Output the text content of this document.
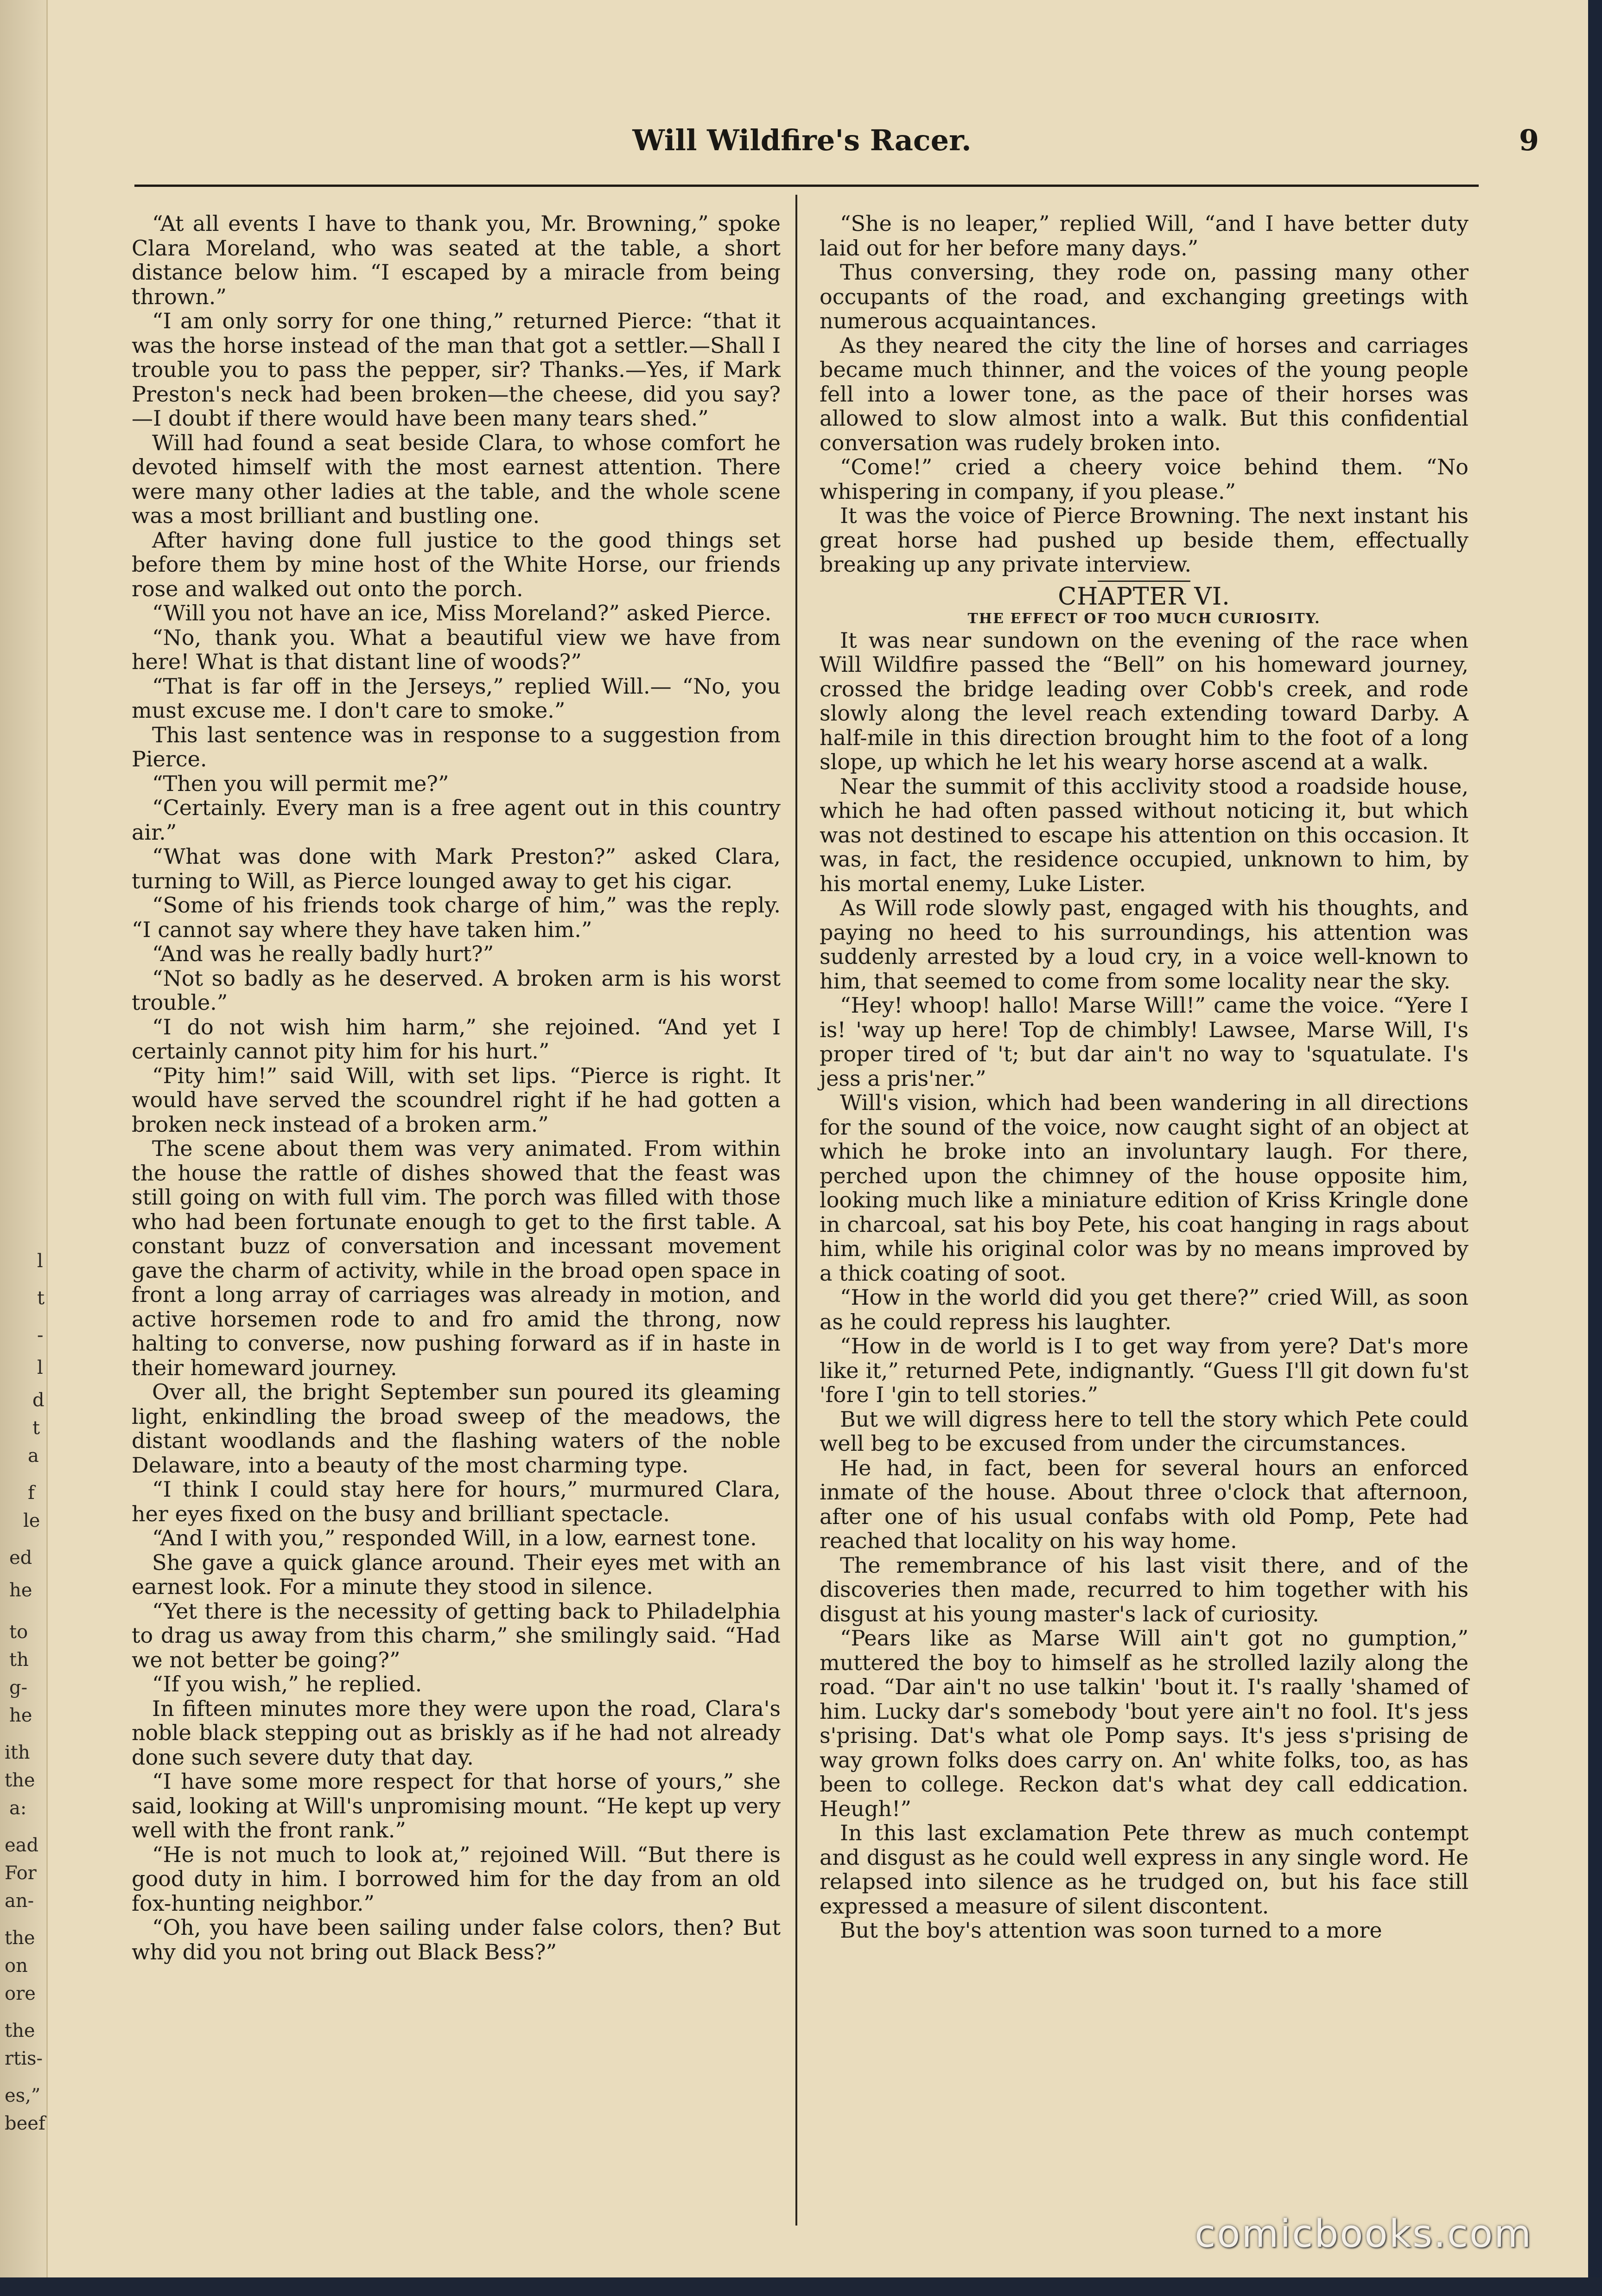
l
t
-
l
d
t
a
f
le
ed
he
to
th
g-
he
ith
the
a:
ead
For
an-
the
on
ore
the
rtis-
es,”
beef
Will Wildfire's Racer.	9

“At all events I have to thank you, Mr. Browning,” spoke Clara Moreland, who was seated at the table, a short distance below him. “I escaped by a miracle from being thrown.”

“I am only sorry for one thing,” returned Pierce: “that it was the horse instead of the man that got a settler.—Shall I trouble you to pass the pepper, sir? Thanks.—Yes, if Mark Preston's neck had been broken—the cheese, did you say?—I doubt if there would have been many tears shed.”

Will had found a seat beside Clara, to whose comfort he devoted himself with the most earnest attention. There were many other ladies at the table, and the whole scene was a most brilliant and bustling one.

After having done full justice to the good things set before them by mine host of the White Horse, our friends rose and walked out onto the porch.

“Will you not have an ice, Miss Moreland?” asked Pierce.

“No, thank you. What a beautiful view we have from here! What is that distant line of woods?”

“That is far off in the Jerseys,” replied Will.— “No, you must excuse me. I don't care to smoke.”

This last sentence was in response to a suggestion from Pierce.

“Then you will permit me?”

“Certainly. Every man is a free agent out in this country air.”

“What was done with Mark Preston?” asked Clara, turning to Will, as Pierce lounged away to get his cigar.

“Some of his friends took charge of him,” was the reply. “I cannot say where they have taken him.”

“And was he really badly hurt?”

“Not so badly as he deserved. A broken arm is his worst trouble.”

“I do not wish him harm,” she rejoined. “And yet I certainly cannot pity him for his hurt.”

“Pity him!” said Will, with set lips. “Pierce is right. It would have served the scoundrel right if he had gotten a broken neck instead of a broken arm.”

The scene about them was very animated. From within the house the rattle of dishes showed that the feast was still going on with full vim. The porch was filled with those who had been fortunate enough to get to the first table. A constant buzz of conversation and incessant movement gave the charm of activity, while in the broad open space in front a long array of carriages was already in motion, and active horsemen rode to and fro amid the throng, now halting to converse, now pushing forward as if in haste in their homeward journey.

Over all, the bright September sun poured its gleaming light, enkindling the broad sweep of the meadows, the distant woodlands and the flashing waters of the noble Delaware, into a beauty of the most charming type.

“I think I could stay here for hours,” murmured Clara, her eyes fixed on the busy and brilliant spectacle.

“And I with you,” responded Will, in a low, earnest tone.

She gave a quick glance around. Their eyes met with an earnest look. For a minute they stood in silence.

“Yet there is the necessity of getting back to Philadelphia to drag us away from this charm,” she smilingly said. “Had we not better be going?”

“If you wish,” he replied.

In fifteen minutes more they were upon the road, Clara's noble black stepping out as briskly as if he had not already done such severe duty that day.

“I have some more respect for that horse of yours,” she said, looking at Will's unpromising mount. “He kept up very well with the front rank.”

“He is not much to look at,” rejoined Will. “But there is good duty in him. I borrowed him for the day from an old fox-hunting neighbor.”

“Oh, you have been sailing under false colors, then? But why did you not bring out Black Bess?”

“She is no leaper,” replied Will, “and I have better duty laid out for her before many days.”

Thus conversing, they rode on, passing many other occupants of the road, and exchanging greetings with numerous acquaintances.

As they neared the city the line of horses and carriages became much thinner, and the voices of the young people fell into a lower tone, as the pace of their horses was allowed to slow almost into a walk. But this confidential conversation was rudely broken into.

“Come!” cried a cheery voice behind them. “No whispering in company, if you please.”

It was the voice of Pierce Browning. The next instant his great horse had pushed up beside them, effectually breaking up any private interview.

CHAPTER VI.

THE EFFECT OF TOO MUCH CURIOSITY.

It was near sundown on the evening of the race when Will Wildfire passed the “Bell” on his homeward journey, crossed the bridge leading over Cobb's creek, and rode slowly along the level reach extending toward Darby. A half-mile in this direction brought him to the foot of a long slope, up which he let his weary horse ascend at a walk.

Near the summit of this acclivity stood a roadside house, which he had often passed without noticing it, but which was not destined to escape his attention on this occasion. It was, in fact, the residence occupied, unknown to him, by his mortal enemy, Luke Lister.

As Will rode slowly past, engaged with his thoughts, and paying no heed to his surroundings, his attention was suddenly arrested by a loud cry, in a voice well-known to him, that seemed to come from some locality near the sky.

“Hey! whoop! hallo! Marse Will!” came the voice. “Yere I is! 'way up here! Top de chimbly! Lawsee, Marse Will, I's proper tired of 't; but dar ain't no way to 'squatulate. I's jess a pris'ner.”

Will's vision, which had been wandering in all directions for the sound of the voice, now caught sight of an object at which he broke into an involuntary laugh. For there, perched upon the chimney of the house opposite him, looking much like a miniature edition of Kriss Kringle done in charcoal, sat his boy Pete, his coat hanging in rags about him, while his original color was by no means improved by a thick coating of soot.

“How in the world did you get there?” cried Will, as soon as he could repress his laughter.

“How in de world is I to get way from yere? Dat's more like it,” returned Pete, indignantly. “Guess I'll git down fu'st 'fore I 'gin to tell stories.”

But we will digress here to tell the story which Pete could well beg to be excused from under the circumstances.

He had, in fact, been for several hours an enforced inmate of the house. About three o'clock that afternoon, after one of his usual confabs with old Pomp, Pete had reached that locality on his way home.

The remembrance of his last visit there, and of the discoveries then made, recurred to him together with his disgust at his young master's lack of curiosity.

“Pears like as Marse Will ain't got no gumption,” muttered the boy to himself as he strolled lazily along the road. “Dar ain't no use talkin' 'bout it. I's raally 'shamed of him. Lucky dar's somebody 'bout yere ain't no fool. It's jess s'prising. Dat's what ole Pomp says. It's jess s'prising de way grown folks does carry on. An' white folks, too, as has been to college. Reckon dat's what dey call eddication. Heugh!”

In this last exclamation Pete threw as much contempt and disgust as he could well express in any single word. He relapsed into silence as he trudged on, but his face still expressed a measure of silent discontent.

But the boy's attention was soon turned to a more

comicbooks.com
